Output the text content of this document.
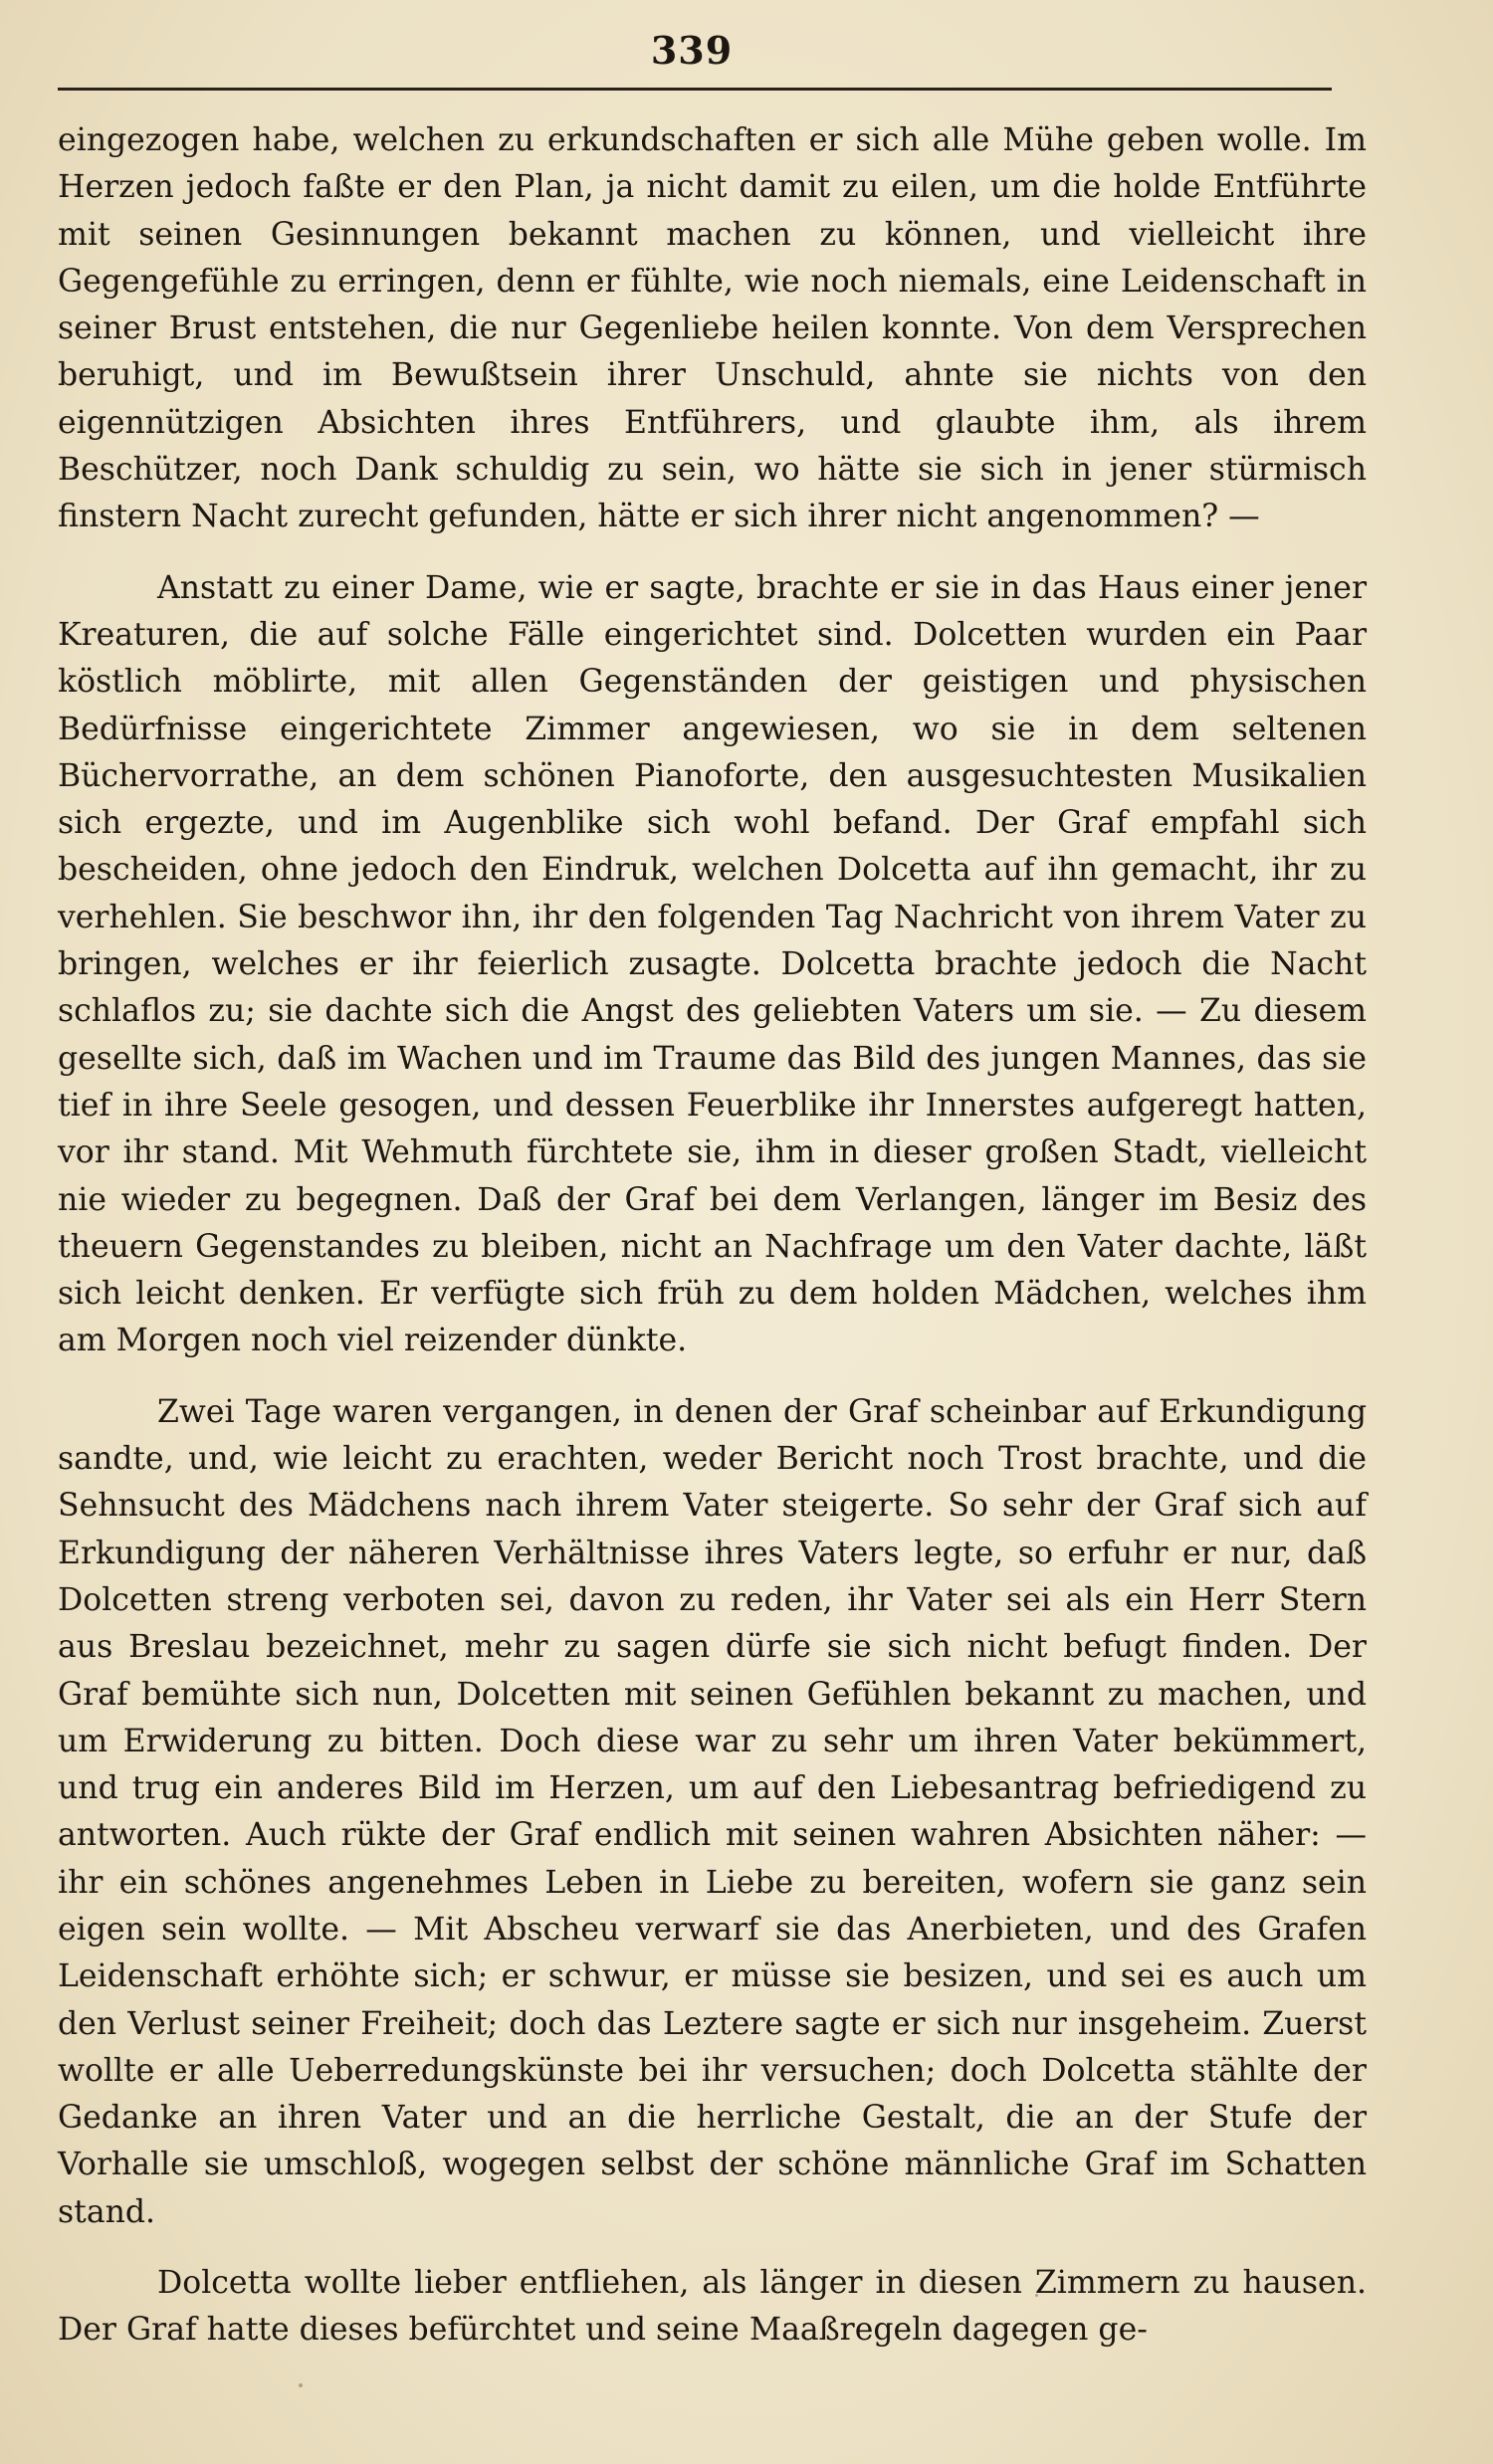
339

eingezogen habe, welchen zu erkundschaften er sich alle Mühe geben wolle. Im Herzen jedoch faßte er den Plan, ja nicht damit zu eilen, um die holde Entführte mit seinen Gesinnungen bekannt machen zu können, und vielleicht ihre Gegengefühle zu erringen, denn er fühlte, wie noch niemals, eine Leidenschaft in seiner Brust entstehen, die nur Gegenliebe heilen konnte. Von dem Versprechen beruhigt, und im Bewußtsein ihrer Unschuld, ahnte sie nichts von den eigennützigen Absichten ihres Entführers, und glaubte ihm, als ihrem Beschützer, noch Dank schuldig zu sein, wo hätte sie sich in jener stürmisch finstern Nacht zurecht gefunden, hätte er sich ihrer nicht angenommen? —

Anstatt zu einer Dame, wie er sagte, brachte er sie in das Haus einer jener Kreaturen, die auf solche Fälle eingerichtet sind. Dolcetten wurden ein Paar köstlich möblirte, mit allen Gegenständen der geistigen und physischen Bedürfnisse eingerichtete Zimmer angewiesen, wo sie in dem seltenen Büchervorrathe, an dem schönen Pianoforte, den ausgesuchtesten Musikalien sich ergezte, und im Augenblike sich wohl befand. Der Graf empfahl sich bescheiden, ohne jedoch den Eindruk, welchen Dolcetta auf ihn gemacht, ihr zu verhehlen. Sie beschwor ihn, ihr den folgenden Tag Nachricht von ihrem Vater zu bringen, welches er ihr feierlich zusagte. Dolcetta brachte jedoch die Nacht schlaflos zu; sie dachte sich die Angst des geliebten Vaters um sie. — Zu diesem gesellte sich, daß im Wachen und im Traume das Bild des jungen Mannes, das sie tief in ihre Seele gesogen, und dessen Feuerblike ihr Innerstes aufgeregt hatten, vor ihr stand. Mit Wehmuth fürchtete sie, ihm in dieser großen Stadt, vielleicht nie wieder zu begegnen. Daß der Graf bei dem Verlangen, länger im Besiz des theuern Gegenstandes zu bleiben, nicht an Nachfrage um den Vater dachte, läßt sich leicht denken. Er verfügte sich früh zu dem holden Mädchen, welches ihm am Morgen noch viel reizender dünkte.

Zwei Tage waren vergangen, in denen der Graf scheinbar auf Erkundigung sandte, und, wie leicht zu erachten, weder Bericht noch Trost brachte, und die Sehnsucht des Mädchens nach ihrem Vater steigerte. So sehr der Graf sich auf Erkundigung der näheren Verhältnisse ihres Vaters legte, so erfuhr er nur, daß Dolcetten streng verboten sei, davon zu reden, ihr Vater sei als ein Herr Stern aus Breslau bezeichnet, mehr zu sagen dürfe sie sich nicht befugt finden. Der Graf bemühte sich nun, Dolcetten mit seinen Gefühlen bekannt zu machen, und um Erwiderung zu bitten. Doch diese war zu sehr um ihren Vater bekümmert, und trug ein anderes Bild im Herzen, um auf den Liebesantrag befriedigend zu antworten. Auch rükte der Graf endlich mit seinen wahren Absichten näher: — ihr ein schönes angenehmes Leben in Liebe zu bereiten, wofern sie ganz sein eigen sein wollte. — Mit Abscheu verwarf sie das Anerbieten, und des Grafen Leidenschaft erhöhte sich; er schwur, er müsse sie besizen, und sei es auch um den Verlust seiner Freiheit; doch das Leztere sagte er sich nur insgeheim. Zuerst wollte er alle Ueberredungskünste bei ihr versuchen; doch Dolcetta stählte der Gedanke an ihren Vater und an die herrliche Gestalt, die an der Stufe der Vorhalle sie umschloß, wogegen selbst der schöne männliche Graf im Schatten stand.

Dolcetta wollte lieber entfliehen, als länger in diesen Zimmern zu hausen. Der Graf hatte dieses befürchtet und seine Maaßregeln dagegen ge-
